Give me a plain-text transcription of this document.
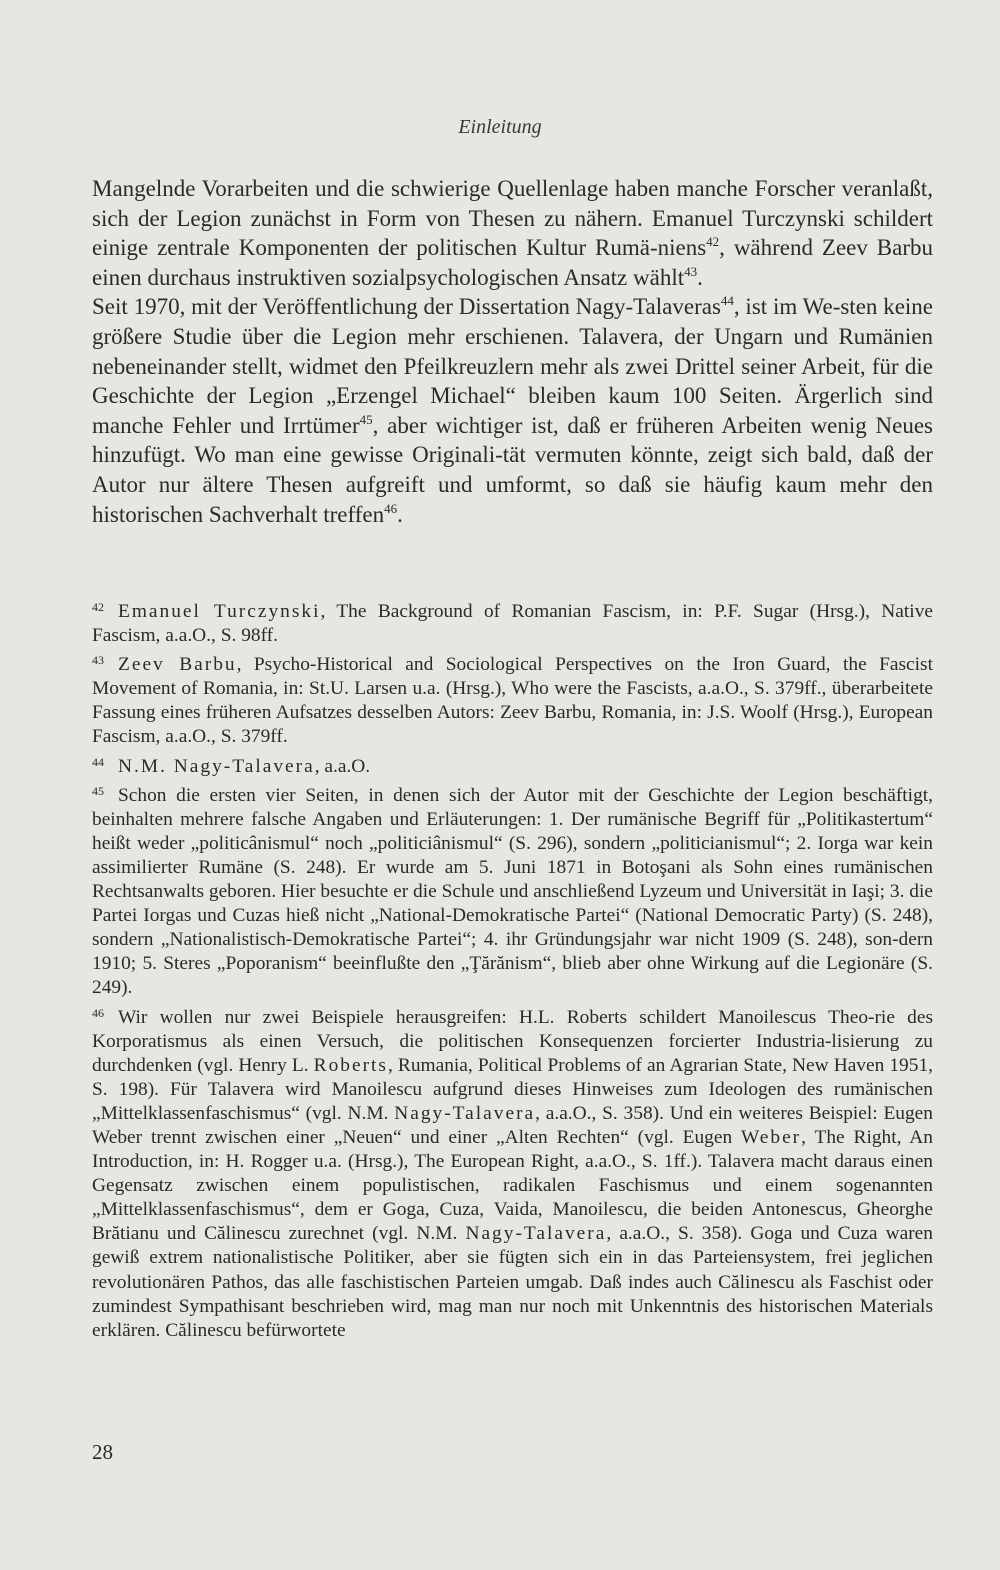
Einleitung

Mangelnde Vorarbeiten und die schwierige Quellenlage haben manche Forscher veranlaßt, sich der Legion zunächst in Form von Thesen zu nähern. Emanuel Turczynski schildert einige zentrale Komponenten der politischen Kultur Rumä-niens$^{42}$, während Zeev Barbu einen durchaus instruktiven sozialpsychologischen Ansatz wählt$^{43}$.

Seit 1970, mit der Veröffentlichung der Dissertation Nagy-Talaveras$^{44}$, ist im We-sten keine größere Studie über die Legion mehr erschienen. Talavera, der Ungarn und Rumänien nebeneinander stellt, widmet den Pfeilkreuzlern mehr als zwei Drittel seiner Arbeit, für die Geschichte der Legion „Erzengel Michael“ bleiben kaum 100 Seiten. Ärgerlich sind manche Fehler und Irrtümer$^{45}$, aber wichtiger ist, daß er früheren Arbeiten wenig Neues hinzufügt. Wo man eine gewisse Originali-tät vermuten könnte, zeigt sich bald, daß der Autor nur ältere Thesen aufgreift und umformt, so daß sie häufig kaum mehr den historischen Sachverhalt treffen$^{46}$.

$^{42}$ Emanuel Turczynski, The Background of Romanian Fascism, in: P.F. Sugar (Hrsg.), Native Fascism, a.a.O., S. 98ff.

$^{43}$ Zeev Barbu, Psycho-Historical and Sociological Perspectives on the Iron Guard, the Fascist Movement of Romania, in: St.U. Larsen u.a. (Hrsg.), Who were the Fascists, a.a.O., S. 379ff., überarbeitete Fassung eines früheren Aufsatzes desselben Autors: Zeev Barbu, Romania, in: J.S. Woolf (Hrsg.), European Fascism, a.a.O., S. 379ff.

$^{44}$ N.M. Nagy-Talavera, a.a.O.

$^{45}$ Schon die ersten vier Seiten, in denen sich der Autor mit der Geschichte der Legion beschäftigt, beinhalten mehrere falsche Angaben und Erläuterungen: 1. Der rumänische Begriff für „Politikastertum“ heißt weder „politicânismul“ noch „politiciânismul“ (S. 296), sondern „politicianismul“; 2. Iorga war kein assimilierter Rumäne (S. 248). Er wurde am 5. Juni 1871 in Botoşani als Sohn eines rumänischen Rechtsanwalts geboren. Hier besuchte er die Schule und anschließend Lyzeum und Universität in Iaşi; 3. die Partei Iorgas und Cuzas hieß nicht „National-Demokratische Partei“ (National Democratic Party) (S. 248), sondern „Nationalistisch-Demokratische Partei“; 4. ihr Gründungsjahr war nicht 1909 (S. 248), son-dern 1910; 5. Steres „Poporanism“ beeinflußte den „Ţărănism“, blieb aber ohne Wirkung auf die Legionäre (S. 249).

$^{46}$ Wir wollen nur zwei Beispiele herausgreifen: H.L. Roberts schildert Manoilescus Theo-rie des Korporatismus als einen Versuch, die politischen Konsequenzen forcierter Industria-lisierung zu durchdenken (vgl. Henry L. Roberts, Rumania, Political Problems of an Agrarian State, New Haven 1951, S. 198). Für Talavera wird Manoilescu aufgrund dieses Hinweises zum Ideologen des rumänischen „Mittelklassenfaschismus“ (vgl. N.M. Nagy-Talavera, a.a.O., S. 358). Und ein weiteres Beispiel: Eugen Weber trennt zwischen einer „Neuen“ und einer „Alten Rechten“ (vgl. Eugen Weber, The Right, An Introduction, in: H. Rogger u.a. (Hrsg.), The European Right, a.a.O., S. 1ff.). Talavera macht daraus einen Gegensatz zwischen einem populistischen, radikalen Faschismus und einem sogenannten „Mittelklassenfaschismus“, dem er Goga, Cuza, Vaida, Manoilescu, die beiden Antonescus, Gheorghe Brătianu und Călinescu zurechnet (vgl. N.M. Nagy-Talavera, a.a.O., S. 358). Goga und Cuza waren gewiß extrem nationalistische Politiker, aber sie fügten sich ein in das Parteiensystem, frei jeglichen revolutionären Pathos, das alle faschistischen Parteien umgab. Daß indes auch Călinescu als Faschist oder zumindest Sympathisant beschrieben wird, mag man nur noch mit Unkenntnis des historischen Materials erklären. Călinescu befürwortete

28
